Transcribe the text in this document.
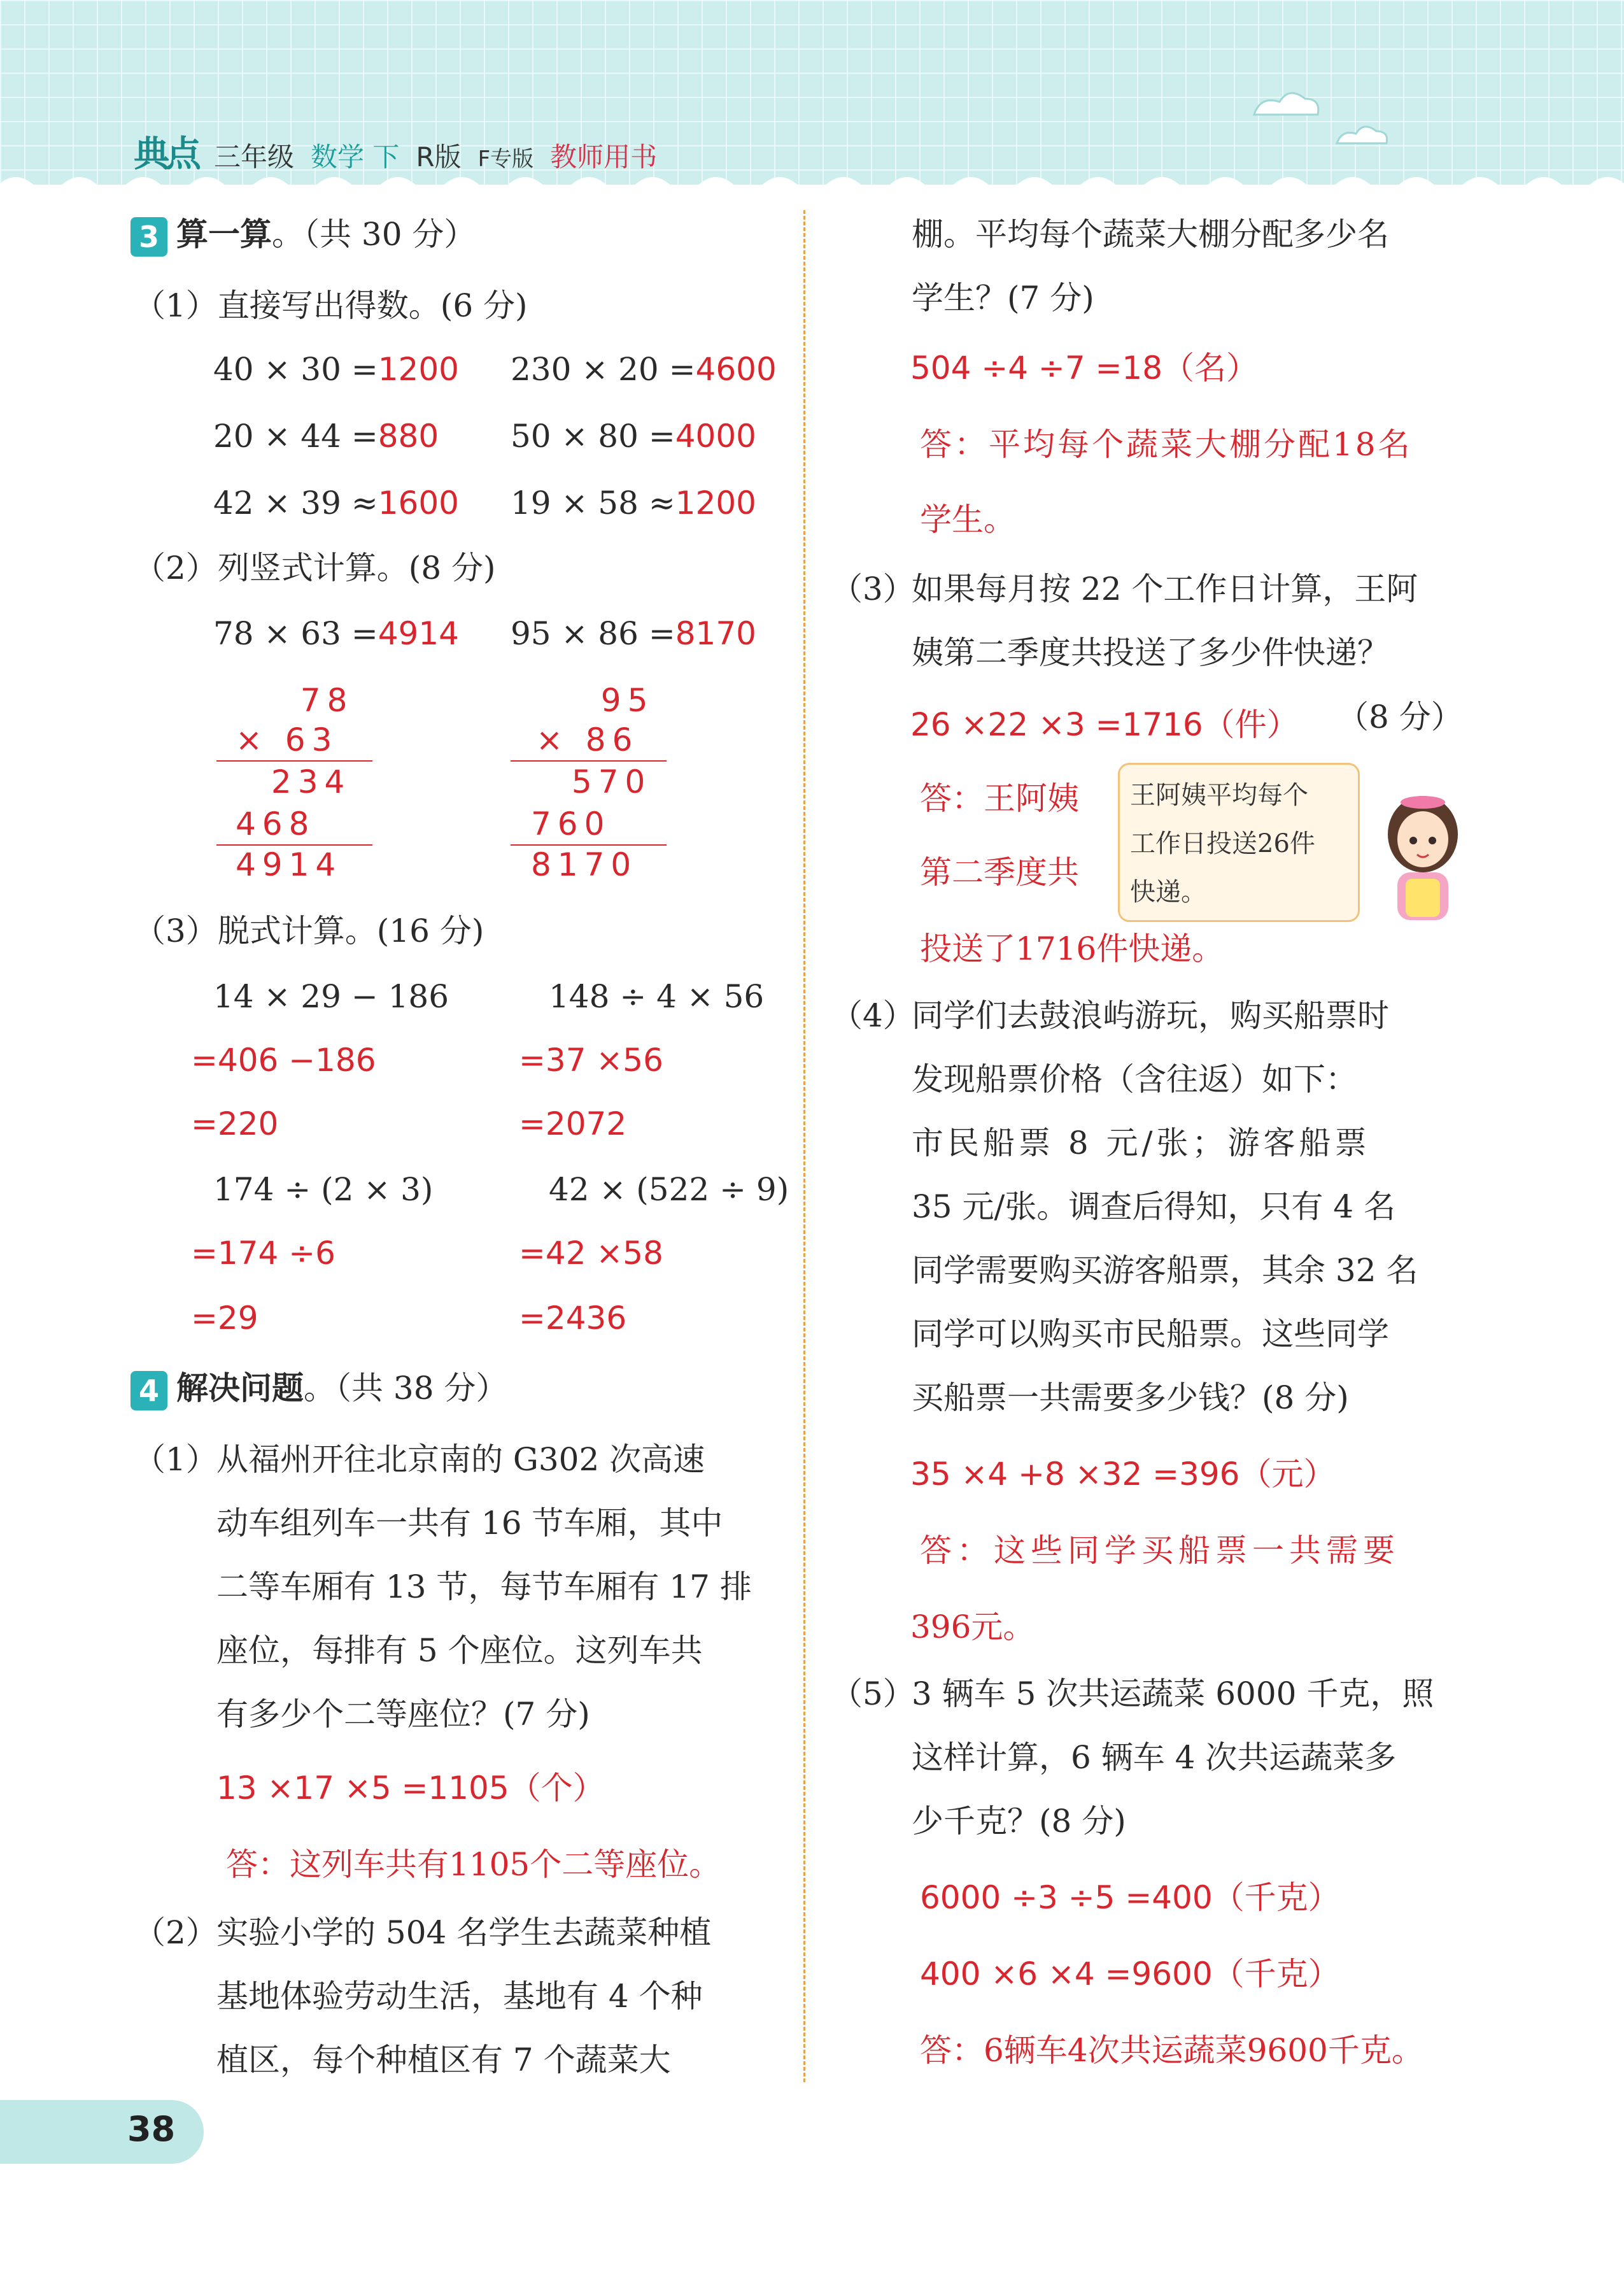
典点 三年级 数学 下 R版 F专版 教师用书
3 算一算。（共 30 分）
（1）直接写出得数。(6 分)
40 × 30 =1200 230 × 20 =4600
20 × 44 =880 50 × 80 =4000
42 × 39 ≈1600 19 × 58 ≈1200
（2）列竖式计算。(8 分)
78 × 63 =4914 95 × 86 =8170
78
× 63
234
468
4914
95
× 86
570
760
8170
（3）脱式计算。(16 分)
14 × 29 − 186
=406 −186
=220
148 ÷ 4 × 56
=37 ×56
=2072
174 ÷ (2 × 3)
=174 ÷6
=29
42 × (522 ÷ 9)
=42 ×58
=2436
4 解决问题。（共 38 分）
（1）
从福州开往北京南的 G302 次高速
动车组列车一共有 16 节车厢，其中
二等车厢有 13 节，每节车厢有 17 排
座位，每排有 5 个座位。这列车共
有多少个二等座位？(7 分)
13 ×17 ×5 =1105（个）
答：这列车共有1105个二等座位。
（2）
实验小学的 504 名学生去蔬菜种植
基地体验劳动生活，基地有 4 个种
植区，每个种植区有 7 个蔬菜大
棚。平均每个蔬菜大棚分配多少名
学生？(7 分)
504 ÷4 ÷7 =18（名）
答：平均每个蔬菜大棚分配18名
学生。
（3）
如果每月按 22 个工作日计算，王阿
姨第二季度共投送了多少件快递？
26 ×22 ×3 =1716（件） （8 分）
答：王阿姨
第二季度共
投送了1716件快递。
王阿姨平均每个
工作日投送26件
快递。
（4）
同学们去鼓浪屿游玩，购买船票时
发现船票价格（含往返）如下：
市民船票 8 元/张；游客船票
35 元/张。调查后得知，只有 4 名
同学需要购买游客船票，其余 32 名
同学可以购买市民船票。这些同学
买船票一共需要多少钱？(8 分)
35 ×4 +8 ×32 =396（元）
答：这些同学买船票一共需要
396元。
（5）
3 辆车 5 次共运蔬菜 6000 千克，照
这样计算，6 辆车 4 次共运蔬菜多
少千克？(8 分)
6000 ÷3 ÷5 =400（千克）
400 ×6 ×4 =9600（千克）
答：6辆车4次共运蔬菜9600千克。
38
